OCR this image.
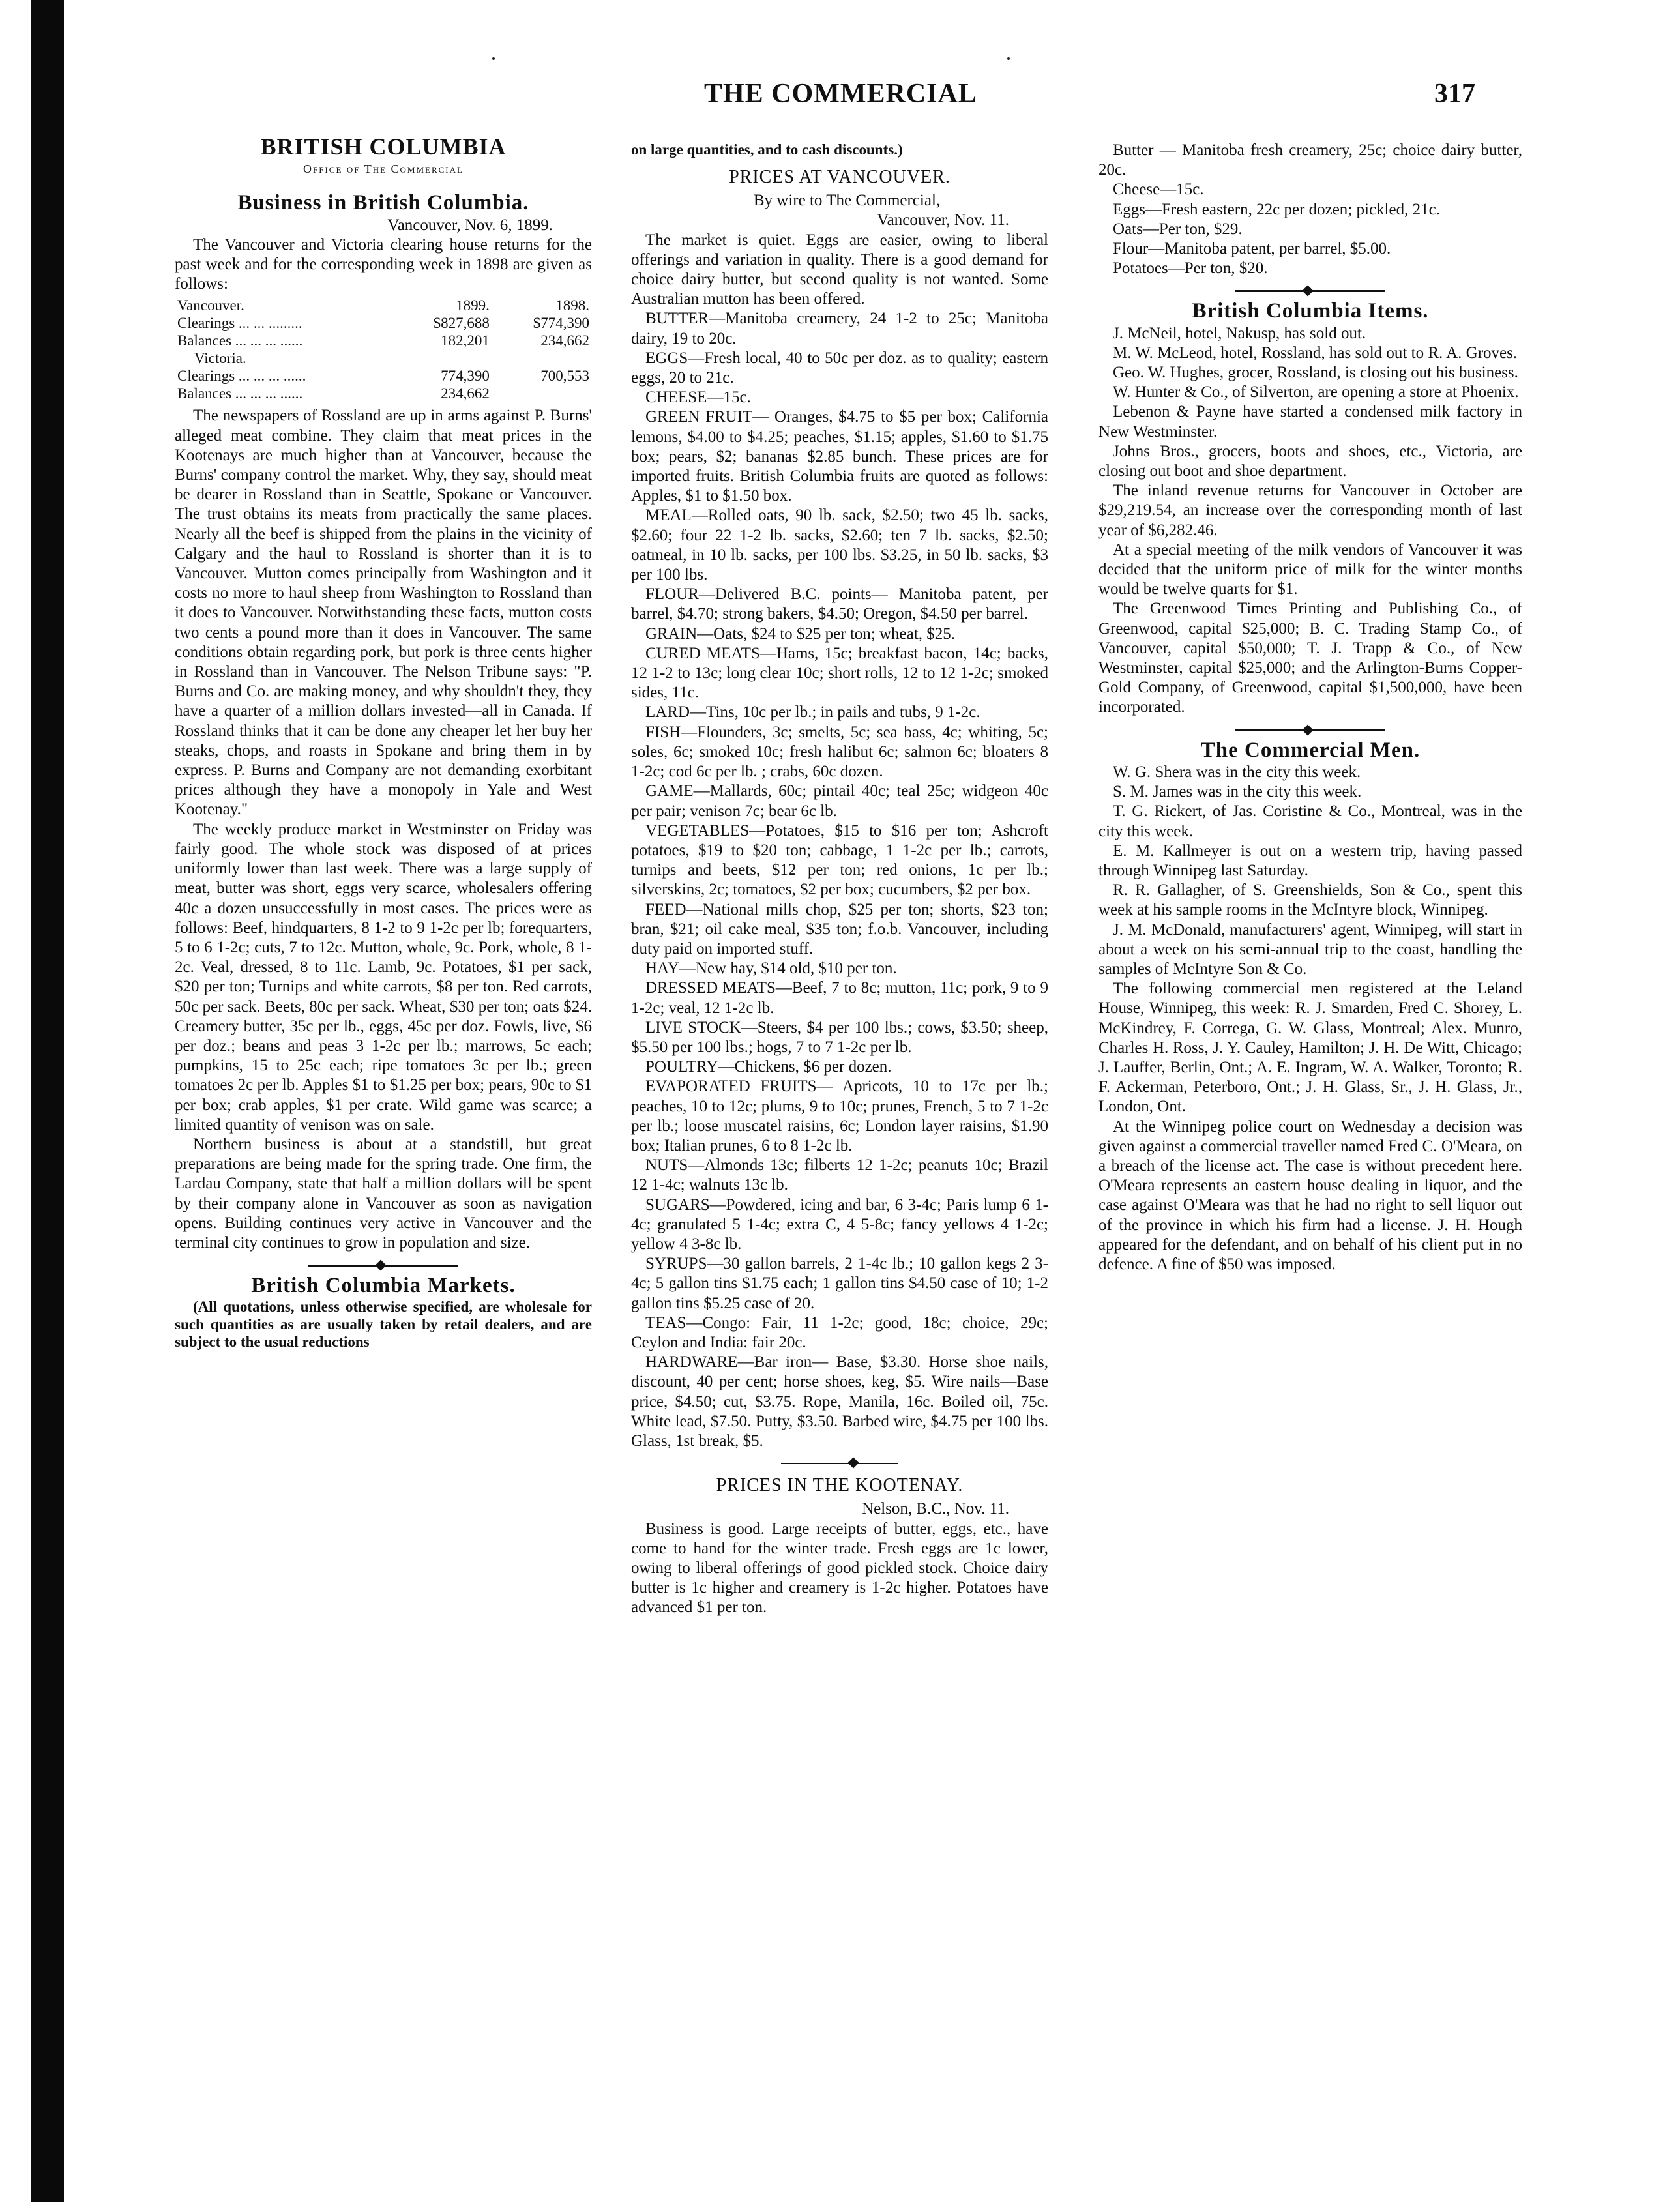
THE COMMERCIAL	317
BRITISH COLUMBIA
Office of The Commercial
Business in British Columbia.

Vancouver, Nov. 6, 1899.

The Vancouver and Victoria clearing house returns for the past week and for the corresponding week in 1898 are given as follows:

Vancouver.	1899.	1898.
Clearings ... ... .........	$827,688	$774,390
Balances ... ... ... ......	182,201	234,662
Victoria.		
Clearings ... ... ... ......	774,390	700,553
Balances ... ... ... ......	234,662	

The newspapers of Rossland are up in arms against P. Burns' alleged meat combine. They claim that meat prices in the Kootenays are much higher than at Vancouver, because the Burns' company control the market. Why, they say, should meat be dearer in Rossland than in Seattle, Spokane or Vancouver. The trust obtains its meats from practically the same places. Nearly all the beef is shipped from the plains in the vicinity of Calgary and the haul to Rossland is shorter than it is to Vancouver. Mutton comes principally from Washington and it costs no more to haul sheep from Washington to Rossland than it does to Vancouver. Notwithstanding these facts, mutton costs two cents a pound more than it does in Vancouver. The same conditions obtain regarding pork, but pork is three cents higher in Rossland than in Vancouver. The Nelson Tribune says: "P. Burns and Co. are making money, and why shouldn't they, they have a quarter of a million dollars invested—all in Canada. If Rossland thinks that it can be done any cheaper let her buy her steaks, chops, and roasts in Spokane and bring them in by express. P. Burns and Company are not demanding exorbitant prices although they have a monopoly in Yale and West Kootenay."

The weekly produce market in Westminster on Friday was fairly good. The whole stock was disposed of at prices uniformly lower than last week. There was a large supply of meat, butter was short, eggs very scarce, wholesalers offering 40c a dozen unsuccessfully in most cases. The prices were as follows: Beef, hindquarters, 8 1-2 to 9 1-2c per lb; forequarters, 5 to 6 1-2c; cuts, 7 to 12c. Mutton, whole, 9c. Pork, whole, 8 1-2c. Veal, dressed, 8 to 11c. Lamb, 9c. Potatoes, $1 per sack, $20 per ton; Turnips and white carrots, $8 per ton. Red carrots, 50c per sack. Beets, 80c per sack. Wheat, $30 per ton; oats $24. Creamery butter, 35c per lb., eggs, 45c per doz. Fowls, live, $6 per doz.; beans and peas 3 1-2c per lb.; marrows, 5c each; pumpkins, 15 to 25c each; ripe tomatoes 3c per lb.; green tomatoes 2c per lb. Apples $1 to $1.25 per box; pears, 90c to $1 per box; crab apples, $1 per crate. Wild game was scarce; a limited quantity of venison was on sale.

Northern business is about at a standstill, but great preparations are being made for the spring trade. One firm, the Lardau Company, state that half a million dollars will be spent by their company alone in Vancouver as soon as navigation opens. Building continues very active in Vancouver and the terminal city continues to grow in population and size.

British Columbia Markets.

(All quotations, unless otherwise specified, are wholesale for such quantities as are usually taken by retail dealers, and are subject to the usual reductions

on large quantities, and to cash discounts.)

PRICES AT VANCOUVER.

By wire to The Commercial,

Vancouver, Nov. 11.

The market is quiet. Eggs are easier, owing to liberal offerings and variation in quality. There is a good demand for choice dairy butter, but second quality is not wanted. Some Australian mutton has been offered.

BUTTER—Manitoba creamery, 24 1-2 to 25c; Manitoba dairy, 19 to 20c.

EGGS—Fresh local, 40 to 50c per doz. as to quality; eastern eggs, 20 to 21c.

CHEESE—15c.

GREEN FRUIT— Oranges, $4.75 to $5 per box; California lemons, $4.00 to $4.25; peaches, $1.15; apples, $1.60 to $1.75 box; pears, $2; bananas $2.85 bunch. These prices are for imported fruits. British Columbia fruits are quoted as follows: Apples, $1 to $1.50 box.

MEAL—Rolled oats, 90 lb. sack, $2.50; two 45 lb. sacks, $2.60; four 22 1-2 lb. sacks, $2.60; ten 7 lb. sacks, $2.50; oatmeal, in 10 lb. sacks, per 100 lbs. $3.25, in 50 lb. sacks, $3 per 100 lbs.

FLOUR—Delivered B.C. points— Manitoba patent, per barrel, $4.70; strong bakers, $4.50; Oregon, $4.50 per barrel.

GRAIN—Oats, $24 to $25 per ton; wheat, $25.

CURED MEATS—Hams, 15c; breakfast bacon, 14c; backs, 12 1-2 to 13c; long clear 10c; short rolls, 12 to 12 1-2c; smoked sides, 11c.

LARD—Tins, 10c per lb.; in pails and tubs, 9 1-2c.

FISH—Flounders, 3c; smelts, 5c; sea bass, 4c; whiting, 5c; soles, 6c; smoked 10c; fresh halibut 6c; salmon 6c; bloaters 8 1-2c; cod 6c per lb. ; crabs, 60c dozen.

GAME—Mallards, 60c; pintail 40c; teal 25c; widgeon 40c per pair; venison 7c; bear 6c lb.

VEGETABLES—Potatoes, $15 to $16 per ton; Ashcroft potatoes, $19 to $20 ton; cabbage, 1 1-2c per lb.; carrots, turnips and beets, $12 per ton; red onions, 1c per lb.; silverskins, 2c; tomatoes, $2 per box; cucumbers, $2 per box.

FEED—National mills chop, $25 per ton; shorts, $23 ton; bran, $21; oil cake meal, $35 ton; f.o.b. Vancouver, including duty paid on imported stuff.

HAY—New hay, $14 old, $10 per ton.

DRESSED MEATS—Beef, 7 to 8c; mutton, 11c; pork, 9 to 9 1-2c; veal, 12 1-2c lb.

LIVE STOCK—Steers, $4 per 100 lbs.; cows, $3.50; sheep, $5.50 per 100 lbs.; hogs, 7 to 7 1-2c per lb.

POULTRY—Chickens, $6 per dozen.

EVAPORATED FRUITS— Apricots, 10 to 17c per lb.; peaches, 10 to 12c; plums, 9 to 10c; prunes, French, 5 to 7 1-2c per lb.; loose muscatel raisins, 6c; London layer raisins, $1.90 box; Italian prunes, 6 to 8 1-2c lb.

NUTS—Almonds 13c; filberts 12 1-2c; peanuts 10c; Brazil 12 1-4c; walnuts 13c lb.

SUGARS—Powdered, icing and bar, 6 3-4c; Paris lump 6 1-4c; granulated 5 1-4c; extra C, 4 5-8c; fancy yellows 4 1-2c; yellow 4 3-8c lb.

SYRUPS—30 gallon barrels, 2 1-4c lb.; 10 gallon kegs 2 3-4c; 5 gallon tins $1.75 each; 1 gallon tins $4.50 case of 10; 1-2 gallon tins $5.25 case of 20.

TEAS—Congo: Fair, 11 1-2c; good, 18c; choice, 29c; Ceylon and India: fair 20c.

HARDWARE—Bar iron— Base, $3.30. Horse shoe nails, discount, 40 per cent; horse shoes, keg, $5. Wire nails—Base price, $4.50; cut, $3.75. Rope, Manila, 16c. Boiled oil, 75c. White lead, $7.50. Putty, $3.50. Barbed wire, $4.75 per 100 lbs. Glass, 1st break, $5.

PRICES IN THE KOOTENAY.

Nelson, B.C., Nov. 11.

Business is good. Large receipts of butter, eggs, etc., have come to hand for the winter trade. Fresh eggs are 1c lower, owing to liberal offerings of good pickled stock. Choice dairy butter is 1c higher and creamery is 1-2c higher. Potatoes have advanced $1 per ton.

Butter — Manitoba fresh creamery, 25c; choice dairy butter, 20c.

Cheese—15c.

Eggs—Fresh eastern, 22c per dozen; pickled, 21c.

Oats—Per ton, $29.

Flour—Manitoba patent, per barrel, $5.00.

Potatoes—Per ton, $20.

British Columbia Items.

J. McNeil, hotel, Nakusp, has sold out.

M. W. McLeod, hotel, Rossland, has sold out to R. A. Groves.

Geo. W. Hughes, grocer, Rossland, is closing out his business.

W. Hunter & Co., of Silverton, are opening a store at Phoenix.

Lebenon & Payne have started a condensed milk factory in New Westminster.

Johns Bros., grocers, boots and shoes, etc., Victoria, are closing out boot and shoe department.

The inland revenue returns for Vancouver in October are $29,219.54, an increase over the corresponding month of last year of $6,282.46.

At a special meeting of the milk vendors of Vancouver it was decided that the uniform price of milk for the winter months would be twelve quarts for $1.

The Greenwood Times Printing and Publishing Co., of Greenwood, capital $25,000; B. C. Trading Stamp Co., of Vancouver, capital $50,000; T. J. Trapp & Co., of New Westminster, capital $25,000; and the Arlington-Burns Copper-Gold Company, of Greenwood, capital $1,500,000, have been incorporated.

The Commercial Men.

W. G. Shera was in the city this week.

S. M. James was in the city this week.

T. G. Rickert, of Jas. Coristine & Co., Montreal, was in the city this week.

E. M. Kallmeyer is out on a western trip, having passed through Winnipeg last Saturday.

R. R. Gallagher, of S. Greenshields, Son & Co., spent this week at his sample rooms in the McIntyre block, Winnipeg.

J. M. McDonald, manufacturers' agent, Winnipeg, will start in about a week on his semi-annual trip to the coast, handling the samples of McIntyre Son & Co.

The following commercial men registered at the Leland House, Winnipeg, this week: R. J. Smarden, Fred C. Shorey, L. McKindrey, F. Correga, G. W. Glass, Montreal; Alex. Munro, Charles H. Ross, J. Y. Cauley, Hamilton; J. H. De Witt, Chicago; J. Lauffer, Berlin, Ont.; A. E. Ingram, W. A. Walker, Toronto; R. F. Ackerman, Peterboro, Ont.; J. H. Glass, Sr., J. H. Glass, Jr., London, Ont.

At the Winnipeg police court on Wednesday a decision was given against a commercial traveller named Fred C. O'Meara, on a breach of the license act. The case is without precedent here. O'Meara represents an eastern house dealing in liquor, and the case against O'Meara was that he had no right to sell liquor out of the province in which his firm had a license. J. H. Hough appeared for the defendant, and on behalf of his client put in no defence. A fine of $50 was imposed.
